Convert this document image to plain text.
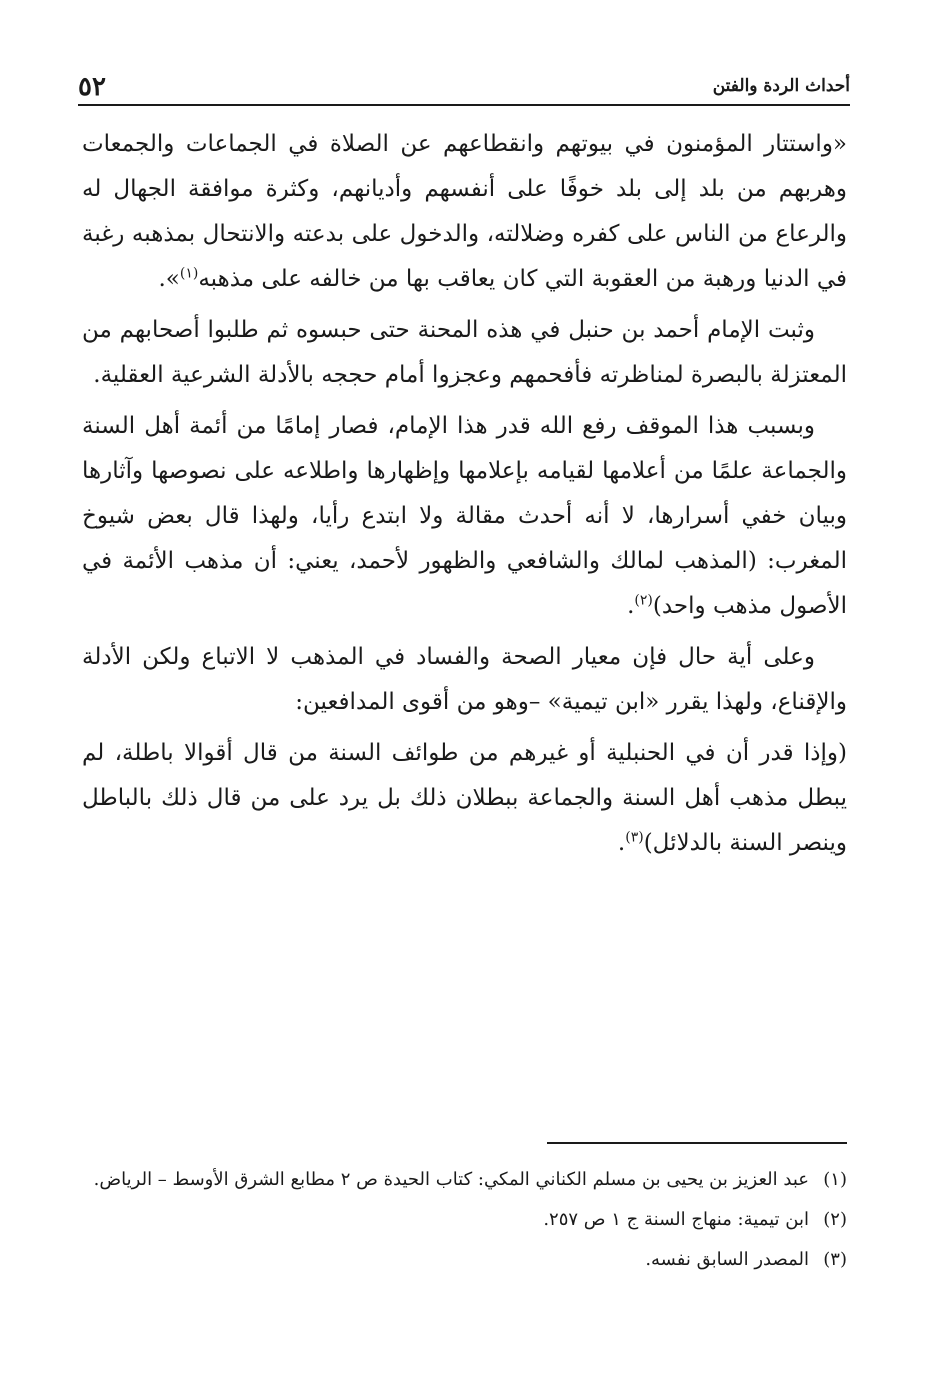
٥٢	أحداث الردة والفتن

«واستتار المؤمنون في بيوتهم وانقطاعهم عن الصلاة في الجماعات والجمعات وهربهم من بلد إلى بلد خوفًا على أنفسهم وأديانهم، وكثرة موافقة الجهال له والرعاع من الناس على كفره وضلالته، والدخول على بدعته والانتحال بمذهبه رغبة في الدنيا ورهبة من العقوبة التي كان يعاقب بها من خالفه على مذهبه$^{(١)}$».

وثبت الإمام أحمد بن حنبل في هذه المحنة حتى حبسوه ثم طلبوا أصحابهم من المعتزلة بالبصرة لمناظرته فأفحمهم وعجزوا أمام حججه بالأدلة الشرعية العقلية.

وبسبب هذا الموقف رفع الله قدر هذا الإمام، فصار إمامًا من أئمة أهل السنة والجماعة علمًا من أعلامها لقيامه بإعلامها وإظهارها واطلاعه على نصوصها وآثارها وبيان خفي أسرارها، لا أنه أحدث مقالة ولا ابتدع رأيا، ولهذا قال بعض شيوخ المغرب: (المذهب لمالك والشافعي والظهور لأحمد، يعني: أن مذهب الأئمة في الأصول مذهب واحد)$^{(٢)}$.

وعلى أية حال فإن معيار الصحة والفساد في المذهب لا الاتباع ولكن الأدلة والإقناع، ولهذا يقرر «ابن تيمية» –وهو من أقوى المدافعين:

(وإذا قدر أن في الحنبلية أو غيرهم من طوائف السنة من قال أقوالا باطلة، لم يبطل مذهب أهل السنة والجماعة ببطلان ذلك بل يرد على من قال ذلك بالباطل وينصر السنة بالدلائل)$^{(٣)}$.

(١)عبد العزيز بن يحيى بن مسلم الكناني المكي: كتاب الحيدة ص ٢ مطابع الشرق الأوسط – الرياض.
(٢)ابن تيمية: منهاج السنة ج ١ ص ٢٥٧.
(٣)المصدر السابق نفسه.
